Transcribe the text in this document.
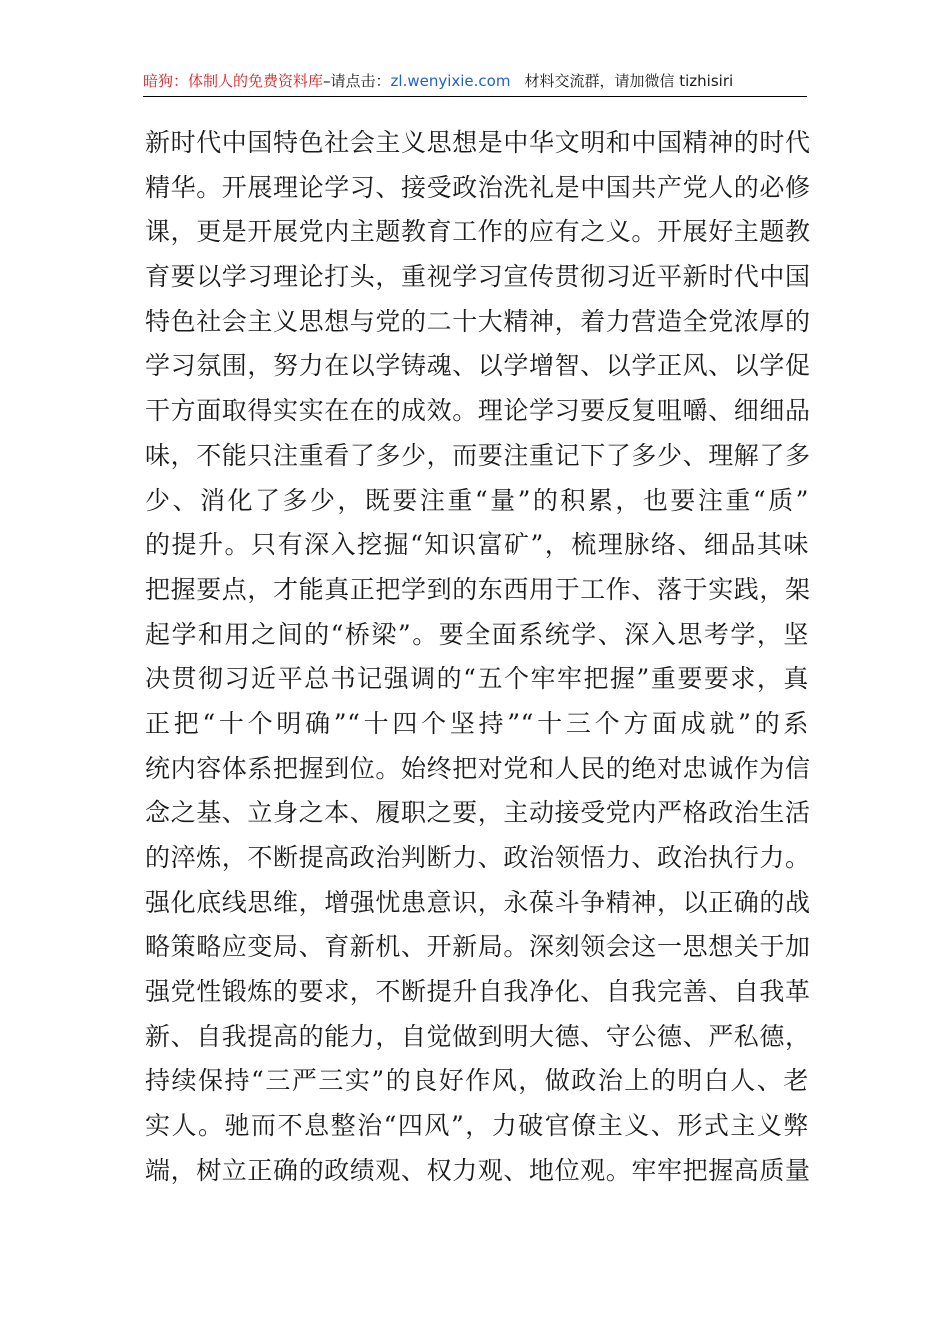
暗狗：体制人的免费资料库–请点击：zl.wenyixie.com 材料交流群，请加微信 tizhisiri
新时代中国特色社会主义思想是中华文明和中国精神的时代
精华。开展理论学习、接受政治洗礼是中国共产党人的必修
课，更是开展党内主题教育工作的应有之义。开展好主题教
育要以学习理论打头，重视学习宣传贯彻习近平新时代中国
特色社会主义思想与党的二十大精神，着力营造全党浓厚的
学习氛围，努力在以学铸魂、以学增智、以学正风、以学促
干方面取得实实在在的成效。理论学习要反复咀嚼、细细品
味，不能只注重看了多少，而要注重记下了多少、理解了多
少、消化了多少，既要注重“量”的积累，也要注重“质”
的提升。只有深入挖掘“知识富矿”，梳理脉络、细品其味
把握要点，才能真正把学到的东西用于工作、落于实践，架
起学和用之间的“桥梁”。要全面系统学、深入思考学，坚
决贯彻习近平总书记强调的“五个牢牢把握”重要要求，真
正把“十个明确”“十四个坚持”“十三个方面成就”的系
统内容体系把握到位。始终把对党和人民的绝对忠诚作为信
念之基、立身之本、履职之要，主动接受党内严格政治生活
的淬炼，不断提高政治判断力、政治领悟力、政治执行力。
强化底线思维，增强忧患意识，永葆斗争精神，以正确的战
略策略应变局、育新机、开新局。深刻领会这一思想关于加
强党性锻炼的要求，不断提升自我净化、自我完善、自我革
新、自我提高的能力，自觉做到明大德、守公德、严私德，
持续保持“三严三实”的良好作风，做政治上的明白人、老
实人。驰而不息整治“四风”，力破官僚主义、形式主义弊
端，树立正确的政绩观、权力观、地位观。牢牢把握高质量
